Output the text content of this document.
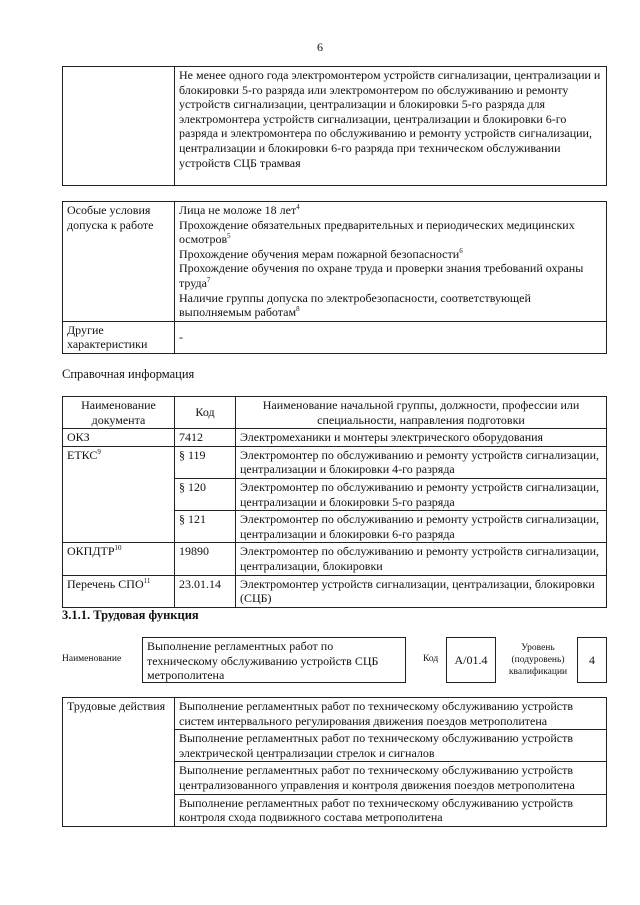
6
	Не менее одного года электромонтером устройств сигнализации, централизации и блокировки 5-го разряда или электромонтером по обслуживанию и ремонту устройств сигнализации, централизации и блокировки 5-го разряда для электромонтера устройств сигнализации, централизации и блокировки 6-го разряда и электромонтера по обслуживанию и ремонту устройств сигнализации, централизации и блокировки 6-го разряда при техническом обслуживании устройств СЦБ трамвая
Особые условия допуска к работе	Лица не моложе 18 лет$^4$
Прохождение обязательных предварительных и периодических медицинских осмотров$^5$
Прохождение обучения мерам пожарной безопасности$^6$
Прохождение обучения по охране труда и проверки знания требований охраны труда$^7$
Наличие группы допуска по электробезопасности, соответствующей выполняемым работам$^8$

Другие характеристики	-
Справочная информация
Наименование документа	Код	Наименование начальной группы, должности, профессии или специальности, направления подготовки
ОКЗ	7412	Электромеханики и монтеры электрического оборудования
ЕТКС$^9$	§ 119	Электромонтер по обслуживанию и ремонту устройств сигнализации, централизации и блокировки 4-го разряда
	§ 120	Электромонтер по обслуживанию и ремонту устройств сигнализации, централизации и блокировки 5-го разряда
	§ 121	Электромонтер по обслуживанию и ремонту устройств сигнализации, централизации и блокировки 6-го разряда
ОКПДТР$^{10}$	19890	Электромонтер по обслуживанию и ремонту устройств сигнализации, централизации, блокировки
Перечень СПО$^{11}$	23.01.14	Электромонтер устройств сигнализации, централизации, блокировки (СЦБ)
3.1.1. Трудовая функция
Наименование
Выполнение регламентных работ по техническому обслуживанию устройств СЦБ метрополитена
Код	A/01.4
Уровень (подуровень) квалификации
4
Трудовые действия	Выполнение регламентных работ по техническому обслуживанию устройств систем интервального регулирования движения поездов метрополитена
Выполнение регламентных работ по техническому обслуживанию устройств электрической централизации стрелок и сигналов
Выполнение регламентных работ по техническому обслуживанию устройств централизованного управления и контроля движения поездов метрополитена
Выполнение регламентных работ по техническому обслуживанию устройств контроля схода подвижного состава метрополитена
